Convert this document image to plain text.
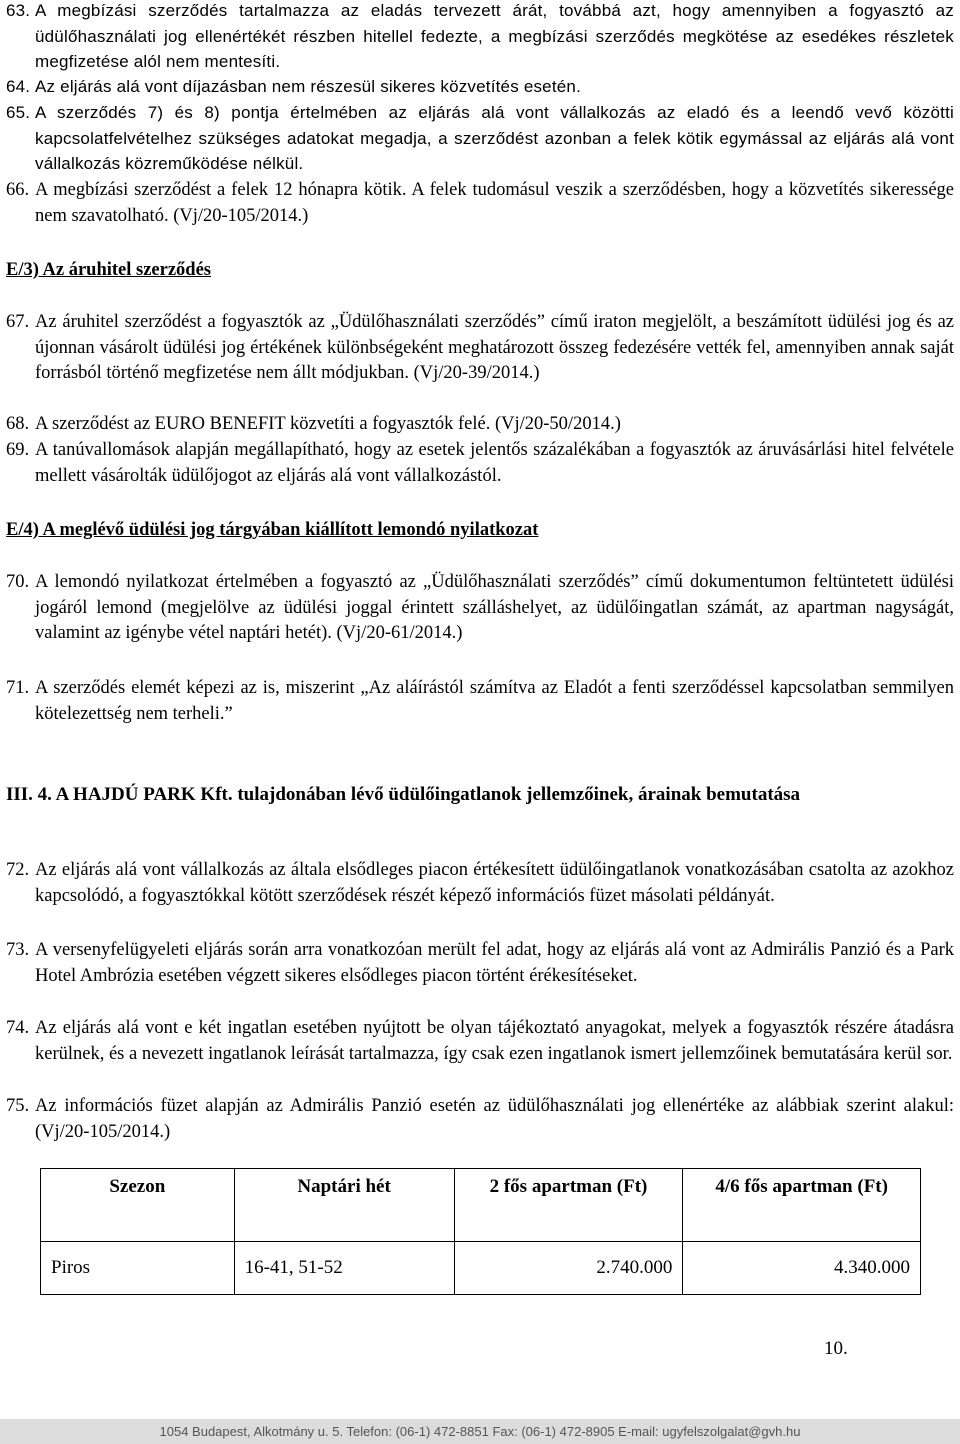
63. A megbízási szerződés tartalmazza az eladás tervezett árát, továbbá azt, hogy amennyiben a fogyasztó az üdülőhasználati jog ellenértékét részben hitellel fedezte, a megbízási szerződés megkötése az esedékes részletek megfizetése alól nem mentesíti.
64. Az eljárás alá vont díjazásban nem részesül sikeres közvetítés esetén.
65. A szerződés 7) és 8) pontja értelmében az eljárás alá vont vállalkozás az eladó és a leendő vevő közötti kapcsolatfelvételhez szükséges adatokat megadja, a szerződést azonban a felek kötik egymással az eljárás alá vont vállalkozás közreműködése nélkül.
66. A megbízási szerződést a felek 12 hónapra kötik. A felek tudomásul veszik a szerződésben, hogy a közvetítés sikeressége nem szavatolható. (Vj/20-105/2014.)
E/3) Az áruhitel szerződés
67. Az áruhitel szerződést a fogyasztók az „Üdülőhasználati szerződés” című iraton megjelölt, a beszámított üdülési jog és az újonnan vásárolt üdülési jog értékének különbségeként meghatározott összeg fedezésére vették fel, amennyiben annak saját forrásból történő megfizetése nem állt módjukban. (Vj/20-39/2014.)
68. A szerződést az EURO BENEFIT közvetíti a fogyasztók felé. (Vj/20-50/2014.)
69. A tanúvallomások alapján megállapítható, hogy az esetek jelentős százalékában a fogyasztók az áruvásárlási hitel felvétele mellett vásárolták üdülőjogot az eljárás alá vont vállalkozástól.
E/4) A meglévő üdülési jog tárgyában kiállított lemondó nyilatkozat
70. A lemondó nyilatkozat értelmében a fogyasztó az „Üdülőhasználati szerződés” című dokumentumon feltüntetett üdülési jogáról lemond (megjelölve az üdülési joggal érintett szálláshelyet, az üdülőingatlan számát, az apartman nagyságát, valamint az igénybe vétel naptári hetét). (Vj/20-61/2014.)
71. A szerződés elemét képezi az is, miszerint „Az aláírástól számítva az Eladót a fenti szerződéssel kapcsolatban semmilyen kötelezettség nem terheli.”
III. 4. A HAJDÚ PARK Kft. tulajdonában lévő üdülőingatlanok jellemzőinek, árainak bemutatása
72. Az eljárás alá vont vállalkozás az általa elsődleges piacon értékesített üdülőingatlanok vonatkozásában csatolta az azokhoz kapcsolódó, a fogyasztókkal kötött szerződések részét képező információs füzet másolati példányát.
73. A versenyfelügyeleti eljárás során arra vonatkozóan merült fel adat, hogy az eljárás alá vont az Admirális Panzió és a Park Hotel Ambrózia esetében végzett sikeres elsődleges piacon történt érékesítéseket.
74. Az eljárás alá vont e két ingatlan esetében nyújtott be olyan tájékoztató anyagokat, melyek a fogyasztók részére átadásra kerülnek, és a nevezett ingatlanok leírását tartalmazza, így csak ezen ingatlanok ismert jellemzőinek bemutatására kerül sor.
75. Az információs füzet alapján az Admirális Panzió esetén az üdülőhasználati jog ellenértéke az alábbiak szerint alakul: (Vj/20-105/2014.)
Szezon	Naptári hét	2 fős apartman (Ft)	4/6 fős apartman (Ft)
Piros	16-41, 51-52	2.740.000	4.340.000
10.
1054 Budapest, Alkotmány u. 5. Telefon: (06-1) 472-8851 Fax: (06-1) 472-8905 E-mail: ugyfelszolgalat@gvh.hu
